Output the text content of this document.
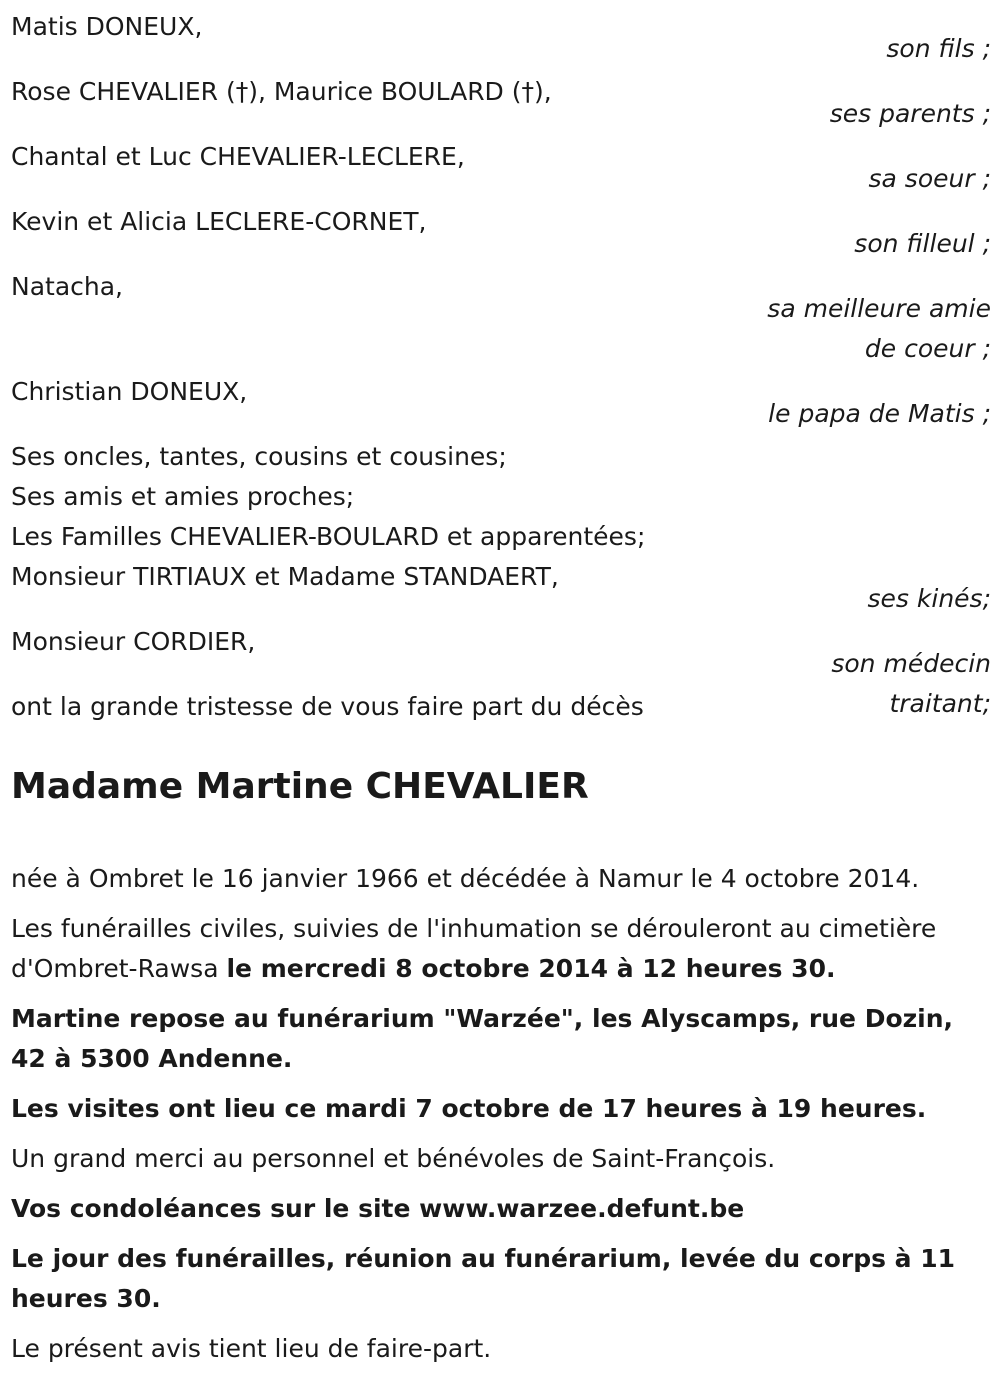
Matis DONEUX,
son fils ;
Rose CHEVALIER (†), Maurice BOULARD (†),
ses parents ;
Chantal et Luc CHEVALIER-LECLERE,
sa soeur ;
Kevin et Alicia LECLERE-CORNET,
son filleul ;
Natacha,
sa meilleure amie
de coeur ;
Christian DONEUX,
le papa de Matis ;
Ses oncles, tantes, cousins et cousines;
Ses amis et amies proches;
Les Familles CHEVALIER-BOULARD et apparentées;
Monsieur TIRTIAUX et Madame STANDAERT,
ses kinés;
Monsieur CORDIER,
son médecin
traitant;
ont la grande tristesse de vous faire part du décès
Madame Martine CHEVALIER

née à Ombret le 16 janvier 1966 et décédée à Namur le 4 octobre 2014.

Les funérailles civiles, suivies de l'inhumation se dérouleront au cimetière d'Ombret-Rawsa le mercredi 8 octobre 2014 à 12 heures 30.

Martine repose au funérarium "Warzée", les Alyscamps, rue Dozin, 42 à 5300 Andenne.

Les visites ont lieu ce mardi 7 octobre de 17 heures à 19 heures.

Un grand merci au personnel et bénévoles de Saint-François.

Vos condoléances sur le site www.warzee.defunt.be

Le jour des funérailles, réunion au funérarium, levée du corps à 11 heures 30.

Le présent avis tient lieu de faire-part.
